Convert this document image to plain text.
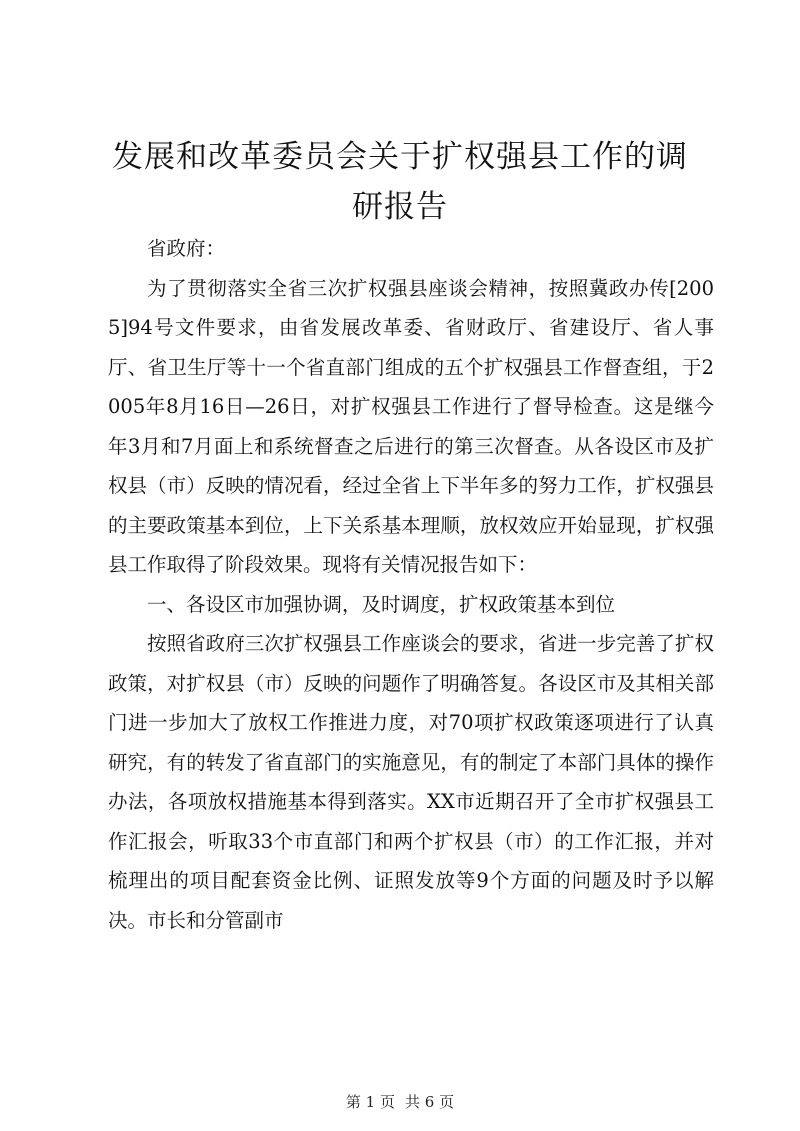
发展和改革委员会关于扩权强县工作的调研报告

省政府：

为了贯彻落实全省三次扩权强县座谈会精神，按照冀政办传[2005]94号文件要求，由省发展改革委、省财政厅、省建设厅、省人事厅、省卫生厅等十一个省直部门组成的五个扩权强县工作督查组，于2005年8月16日—26日，对扩权强县工作进行了督导检查。这是继今年3月和7月面上和系统督查之后进行的第三次督查。从各设区市及扩权县（市）反映的情况看，经过全省上下半年多的努力工作，扩权强县的主要政策基本到位，上下关系基本理顺，放权效应开始显现，扩权强县工作取得了阶段效果。现将有关情况报告如下：

一、各设区市加强协调，及时调度，扩权政策基本到位

按照省政府三次扩权强县工作座谈会的要求，省进一步完善了扩权政策，对扩权县（市）反映的问题作了明确答复。各设区市及其相关部门进一步加大了放权工作推进力度，对70项扩权政策逐项进行了认真研究，有的转发了省直部门的实施意见，有的制定了本部门具体的操作办法，各项放权措施基本得到落实。XX市近期召开了全市扩权强县工作汇报会，听取33个市直部门和两个扩权县（市）的工作汇报，并对梳理出的项目配套资金比例、证照发放等9个方面的问题及时予以解决。市长和分管副市

第 1 页 共 6 页
